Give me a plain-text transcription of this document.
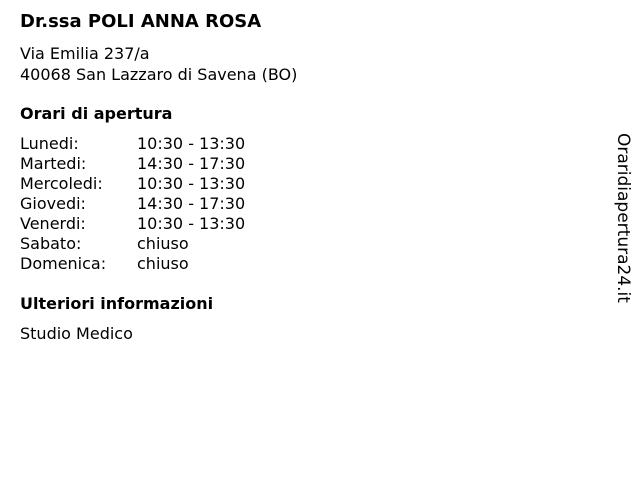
Dr.ssa POLI ANNA ROSA
Via Emilia 237/a
40068 San Lazzaro di Savena (BO)
Orari di apertura
Lunedi:	10:30 - 13:30
Martedi:	14:30 - 17:30
Mercoledi: 10:30 - 13:30
Giovedi:	14:30 - 17:30
Venerdi:	10:30 - 13:30
Sabato:	chiuso
Domenica: chiuso
Ulteriori informazioni
Studio Medico
Oraridiapertura24.it
